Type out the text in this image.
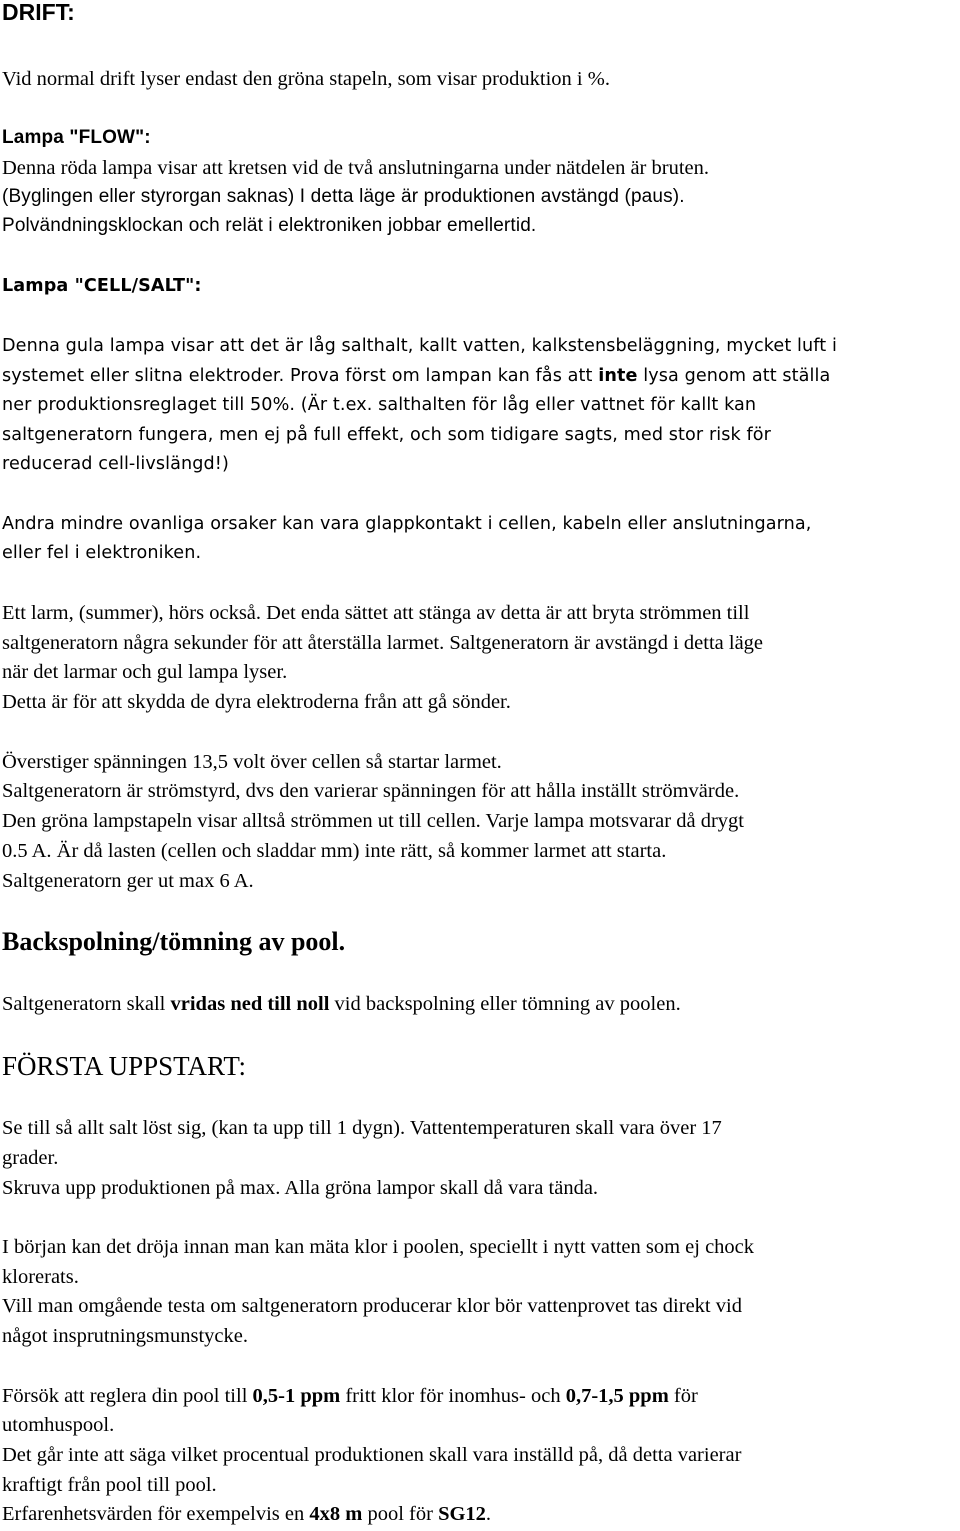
DRIFT:
Vid normal drift lyser endast den gröna stapeln, som visar produktion i %.
Lampa "FLOW":
Denna röda lampa visar att kretsen vid de två anslutningarna under nätdelen är bruten.
(Byglingen eller styrorgan saknas) I detta läge är produktionen avstängd (paus).
Polvändningsklockan och relät i elektroniken jobbar emellertid.
Lampa "CELL/SALT":
Denna gula lampa visar att det är låg salthalt, kallt vatten, kalkstensbeläggning, mycket luft i
systemet eller slitna elektroder. Prova först om lampan kan fås att inte lysa genom att ställa
ner produktionsreglaget till 50%. (Är t.ex. salthalten för låg eller vattnet för kallt kan
saltgeneratorn fungera, men ej på full effekt, och som tidigare sagts, med stor risk för
reducerad cell-livslängd!)
Andra mindre ovanliga orsaker kan vara glappkontakt i cellen, kabeln eller anslutningarna,
eller fel i elektroniken.
Ett larm, (summer), hörs också. Det enda sättet att stänga av detta är att bryta strömmen till
saltgeneratorn några sekunder för att återställa larmet. Saltgeneratorn är avstängd i detta läge
när det larmar och gul lampa lyser.
Detta är för att skydda de dyra elektroderna från att gå sönder.
Överstiger spänningen 13,5 volt över cellen så startar larmet.
Saltgeneratorn är strömstyrd, dvs den varierar spänningen för att hålla inställt strömvärde.
Den gröna lampstapeln visar alltså strömmen ut till cellen. Varje lampa motsvarar då drygt
0.5 A. Är då lasten (cellen och sladdar mm) inte rätt, så kommer larmet att starta.
Saltgeneratorn ger ut max 6 A.
Backspolning/tömning av pool.
Saltgeneratorn skall vridas ned till noll vid backspolning eller tömning av poolen.
FÖRSTA UPPSTART:
Se till så allt salt löst sig, (kan ta upp till 1 dygn). Vattentemperaturen skall vara över 17
grader.
Skruva upp produktionen på max. Alla gröna lampor skall då vara tända.
I början kan det dröja innan man kan mäta klor i poolen, speciellt i nytt vatten som ej chock
klorerats.
Vill man omgående testa om saltgeneratorn producerar klor bör vattenprovet tas direkt vid
något insprutningsmunstycke.
Försök att reglera din pool till 0,5-1 ppm fritt klor för inomhus- och 0,7-1,5 ppm för
utomhuspool.
Det går inte att säga vilket procentual produktionen skall vara inställd på, då detta varierar
kraftigt från pool till pool.
Erfarenhetsvärden för exempelvis en 4x8 m pool för SG12.
